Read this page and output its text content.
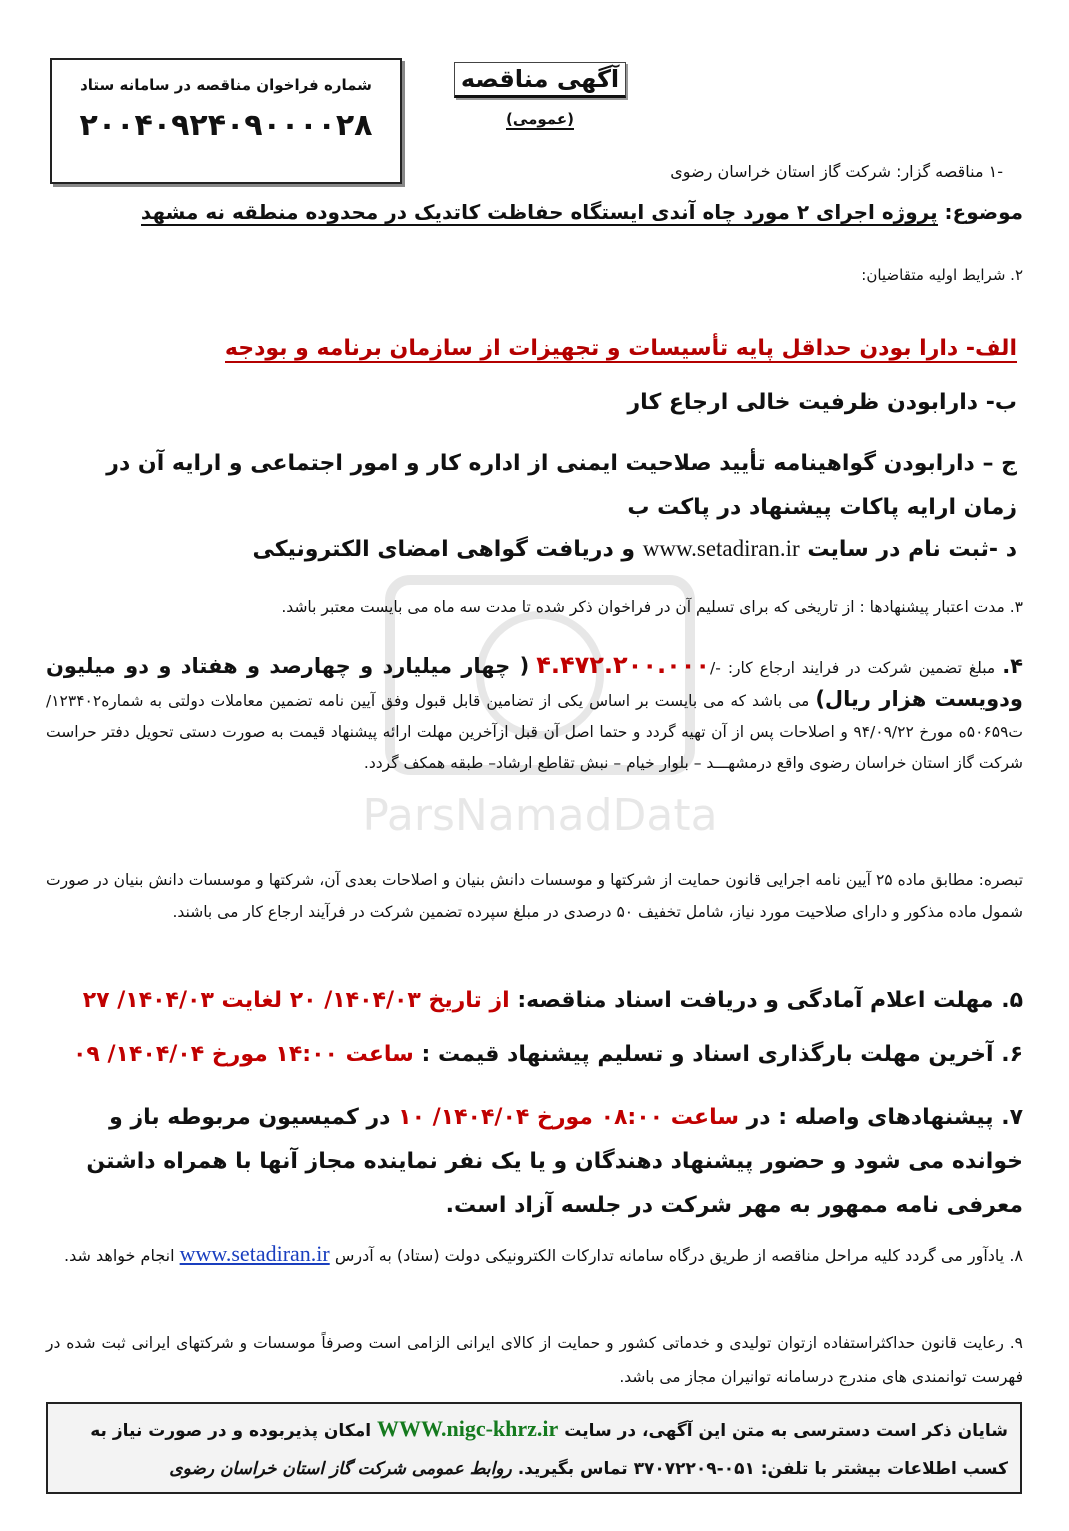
ParsNamadData
شماره فراخوان مناقصه در سامانه ستاد
۲۰۰۴۰۹۲۴۰۹۰۰۰۰۲۸
آگهی مناقصه
(عمومی)
-۱ مناقصه گزار: شرکت گاز استان خراسان رضوی
موضوع: پروژه اجرای ۲ مورد چاه آندی ایستگاه حفاظت کاتدیک در محدوده منطقه نه مشهد
۲. شرایط اولیه متقاضیان:
الف- دارا بودن حداقل پایه تأسیسات و تجهیزات از سازمان برنامه و بودجه
ب- دارابودن ظرفیت خالی ارجاع کار
ج – دارابودن گواهینامه تأیید صلاحیت ایمنی از اداره کار و امور اجتماعی و ارایه آن در زمان ارایه پاکات پیشنهاد در پاکت ب
د -ثبت نام در سایت www.setadiran.ir و دریافت گواهی امضای الکترونیکی
۳. مدت اعتبار پیشنهادها : از تاریخی که برای تسلیم آن در فراخوان ذکر شده تا مدت سه ماه می بایست معتبر باشد.
۴. مبلغ تضمین شرکت در فرایند ارجاع کار: -/۴.۴۷۲.۲۰۰.۰۰۰ ( چهار میلیارد و چهارصد و هفتاد و دو میلیون ودویست هزار ریال) می باشد که می بایست بر اساس یکی از تضامین قابل قبول وفق آیین نامه تضمین معاملات دولتی به شماره۱۲۳۴۰۲/ت۵۰۶۵۹ه مورخ ۹۴/۰۹/۲۲ و اصلاحات پس از آن تهیه گردد و حتما اصل آن قبل ازآخرین مهلت ارائه پیشنهاد قیمت به صورت دستی تحویل دفتر حراست شرکت گاز استان خراسان رضوی واقع درمشهـــد – بلوار خیام – نبش تقاطع ارشاد– طبقه همکف گردد.
تبصره: مطابق ماده ۲۵ آیین نامه اجرایی قانون حمایت از شرکتها و موسسات دانش بنیان و اصلاحات بعدی آن، شرکتها و موسسات دانش بنیان در صورت شمول ماده مذکور و دارای صلاحیت مورد نیاز، شامل تخفیف ۵۰ درصدی در مبلغ سپرده تضمین شرکت در فرآیند ارجاع کار می باشند.
۵. مهلت اعلام آمادگی و دریافت اسناد مناقصه: از تاریخ ۱۴۰۴/۰۳/ ۲۰ لغایت ۱۴۰۴/۰۳/ ۲۷
۶. آخرین مهلت بارگذاری اسناد و تسلیم پیشنهاد قیمت : ساعت ۱۴:۰۰ مورخ ۱۴۰۴/۰۴/ ۰۹
۷. پیشنهادهای واصله : در ساعت ۰۸:۰۰ مورخ ۱۴۰۴/۰۴/ ۱۰ در کمیسیون مربوطه باز و خوانده می شود و حضور پیشنهاد دهندگان و یا یک نفر نماینده مجاز آنها با همراه داشتن معرفی نامه ممهور به مهر شرکت در جلسه آزاد است.
۸. یادآور می گردد کلیه مراحل مناقصه از طریق درگاه سامانه تدارکات الکترونیکی دولت (ستاد) به آدرس www.setadiran.ir انجام خواهد شد.
۹. رعایت قانون حداکثراستفاده ازتوان تولیدی و خدماتی کشور و حمایت از کالای ایرانی الزامی است وصرفاً موسسات و شرکتهای ایرانی ثبت شده در فهرست توانمندی های مندرج درسامانه توانیران مجاز می باشد.
شایان ذکر است دسترسی به متن این آگهی، در سایت WWW.nigc-khrz.ir امکان پذیربوده و در صورت نیاز به کسب اطلاعات بیشتر با تلفن: ۰۵۱-۳۷۰۷۲۲۰۹ تماس بگیرید. روابط عمومی شرکت گاز استان خراسان رضوی
